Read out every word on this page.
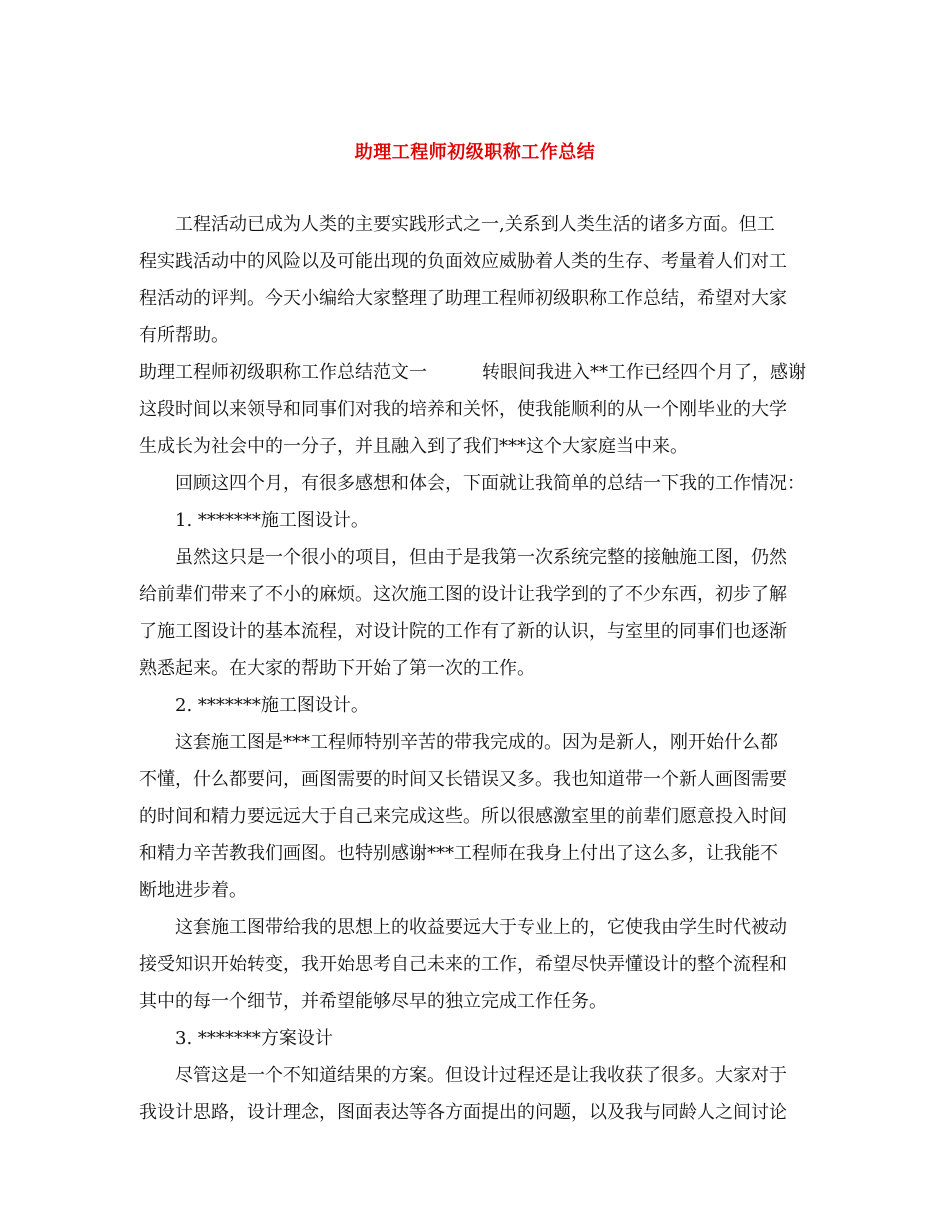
助理工程师初级职称工作总结
工程活动已成为人类的主要实践形式之一,关系到人类生活的诸多方面。但工
程实践活动中的风险以及可能出现的负面效应威胁着人类的生存、考量着人们对工
程活动的评判。今天小编给大家整理了助理工程师初级职称工作总结，希望对大家
有所帮助。
助理工程师初级职称工作总结范文一	转眼间我进入**工作已经四个月了，感谢
这段时间以来领导和同事们对我的培养和关怀，使我能顺利的从一个刚毕业的大学
生成长为社会中的一分子，并且融入到了我们***这个大家庭当中来。
回顾这四个月，有很多感想和体会，下面就让我简单的总结一下我的工作情况：
1. *******施工图设计。
虽然这只是一个很小的项目，但由于是我第一次系统完整的接触施工图，仍然
给前辈们带来了不小的麻烦。这次施工图的设计让我学到的了不少东西，初步了解
了施工图设计的基本流程，对设计院的工作有了新的认识，与室里的同事们也逐渐
熟悉起来。在大家的帮助下开始了第一次的工作。
2. *******施工图设计。
这套施工图是***工程师特别辛苦的带我完成的。因为是新人，刚开始什么都
不懂，什么都要问，画图需要的时间又长错误又多。我也知道带一个新人画图需要
的时间和精力要远远大于自己来完成这些。所以很感激室里的前辈们愿意投入时间
和精力辛苦教我们画图。也特别感谢***工程师在我身上付出了这么多，让我能不
断地进步着。
这套施工图带给我的思想上的收益要远大于专业上的，它使我由学生时代被动
接受知识开始转变，我开始思考自己未来的工作，希望尽快弄懂设计的整个流程和
其中的每一个细节，并希望能够尽早的独立完成工作任务。
3. *******方案设计
尽管这是一个不知道结果的方案。但设计过程还是让我收获了很多。大家对于
我设计思路，设计理念，图面表达等各方面提出的问题，以及我与同龄人之间讨论
